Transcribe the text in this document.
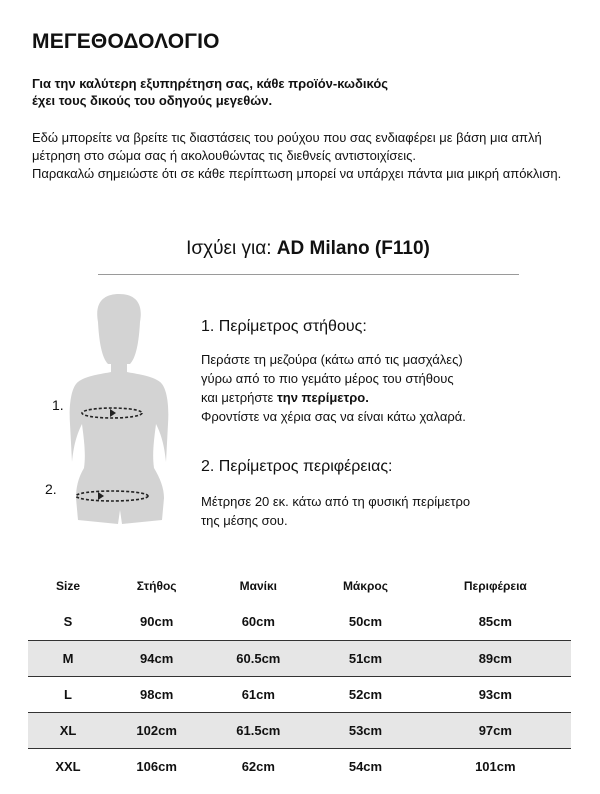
ΜΕΓΕΘΟΔΟΛΟΓΙΟ
Για την καλύτερη εξυπηρέτηση σας, κάθε προϊόν-κωδικός
έχει τους δικούς του οδηγούς μεγεθών.

Εδώ μπορείτε να βρείτε τις διαστάσεις του ρούχου που σας ενδιαφέρει με βάση μια απλή μέτρηση στο σώμα σας ή ακολουθώντας τις διεθνείς αντιστοιχίσεις.

Παρακαλώ σημειώστε ότι σε κάθε περίπτωση μπορεί να υπάρχει πάντα μια μικρή απόκλιση.

Ισχύει για: AD Milano (F110)
1.
2.
1. Περίμετρος στήθους:
Περάστε τη μεζούρα (κάτω από τις μασχάλες)
γύρω από το πιο γεμάτο μέρος του στήθους
και μετρήστε την περίμετρο.
Φροντίστε να χέρια σας να είναι κάτω χαλαρά.
2. Περίμετρος περιφέρειας:
Μέτρησε 20 εκ. κάτω από τη φυσική περίμετρο
της μέσης σου.
Size	Στήθος	Μανίκι	Μάκρος	Περιφέρεια
S	90cm	60cm	50cm	85cm
M	94cm	60.5cm	51cm	89cm
L	98cm	61cm	52cm	93cm
XL	102cm	61.5cm	53cm	97cm
XXL	106cm	62cm	54cm	101cm
